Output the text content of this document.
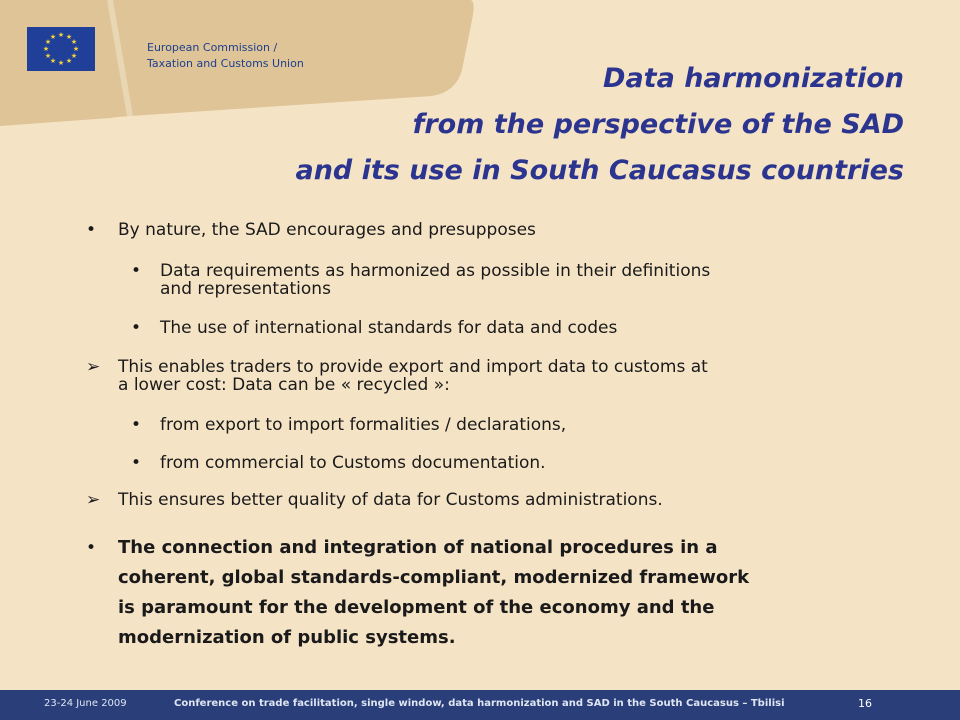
★ ★
★
★
★
★
★
★
★
★
★
★
European Commission /
Taxation and Customs Union	Data harmonization
from the perspective of the SAD
and its use in South Caucasus countries
• By nature, the SAD encourages and presupposes
• Data requirements as harmonized as possible in their definitions
and representations
• The use of international standards for data and codes
➢ This enables traders to provide export and import data to customs at
a lower cost: Data can be « recycled »:
• from export to import formalities / declarations,
• from commercial to Customs documentation.
➢ This ensures better quality of data for Customs administrations.
• The connection and integration of national procedures in a
coherent, global standards-compliant, modernized framework
is paramount for the development of the economy and the
modernization of public systems.
23-24 June 2009	Conference on trade facilitation, single window, data harmonization and SAD in the South Caucasus – Tbilisi	16
